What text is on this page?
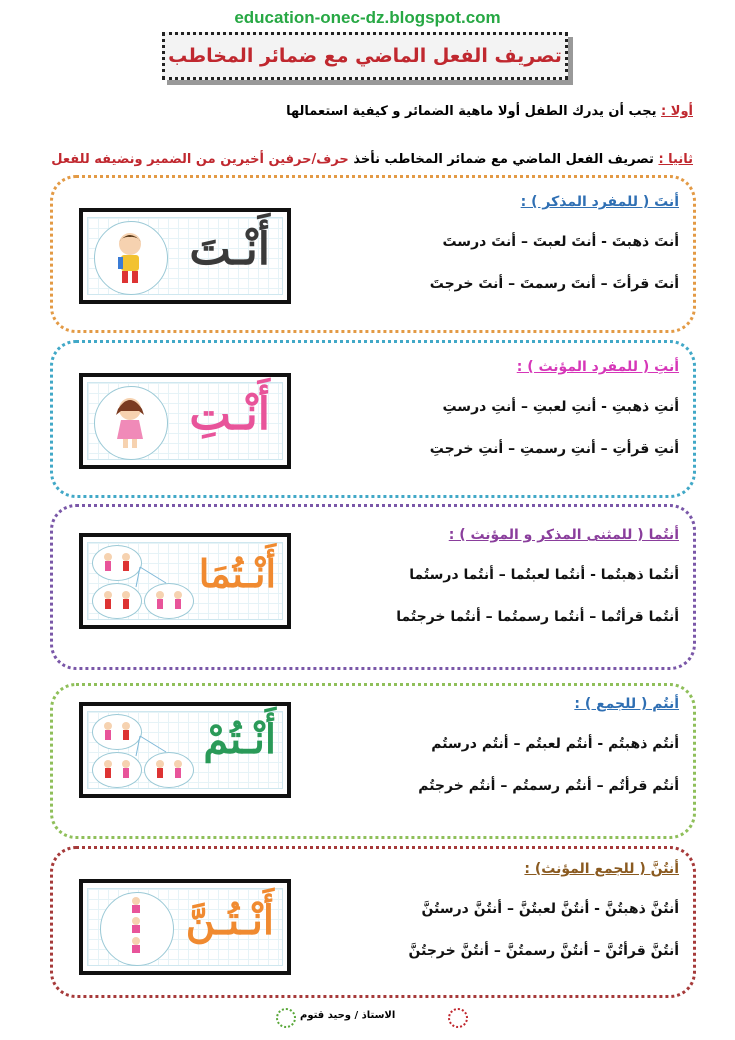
education-onec-dz.blogspot.com
تصريف الفعل الماضي مع ضمائر المخاطب
أولا : يجب أن يدرك الطفل أولا ماهية الضمائر و كيفية استعمالها
ثانيا : تصريف الفعل الماضي مع ضمائر المخاطب نأخذ حرف/حرفين أخيرين من الضمير ونضيفه للفعل
أَنْـتَ
أنتَ ( للمفرد المذكر ) :
أنتَ ذهبتَ - أنتَ لعبتَ – أنتَ درستَ
أنتَ قرأتَ – أنتَ رسمتَ – أنتَ خرجتَ
أَنْـتِ
أنتِ ( للمفرد المؤنث ) :
أنتِ ذهبتِ - أنتِ لعبتِ – أنتِ درستِ
أنتِ قرأتِ – أنتِ رسمتِ – أنتِ خرجتِ
أَنْـتُمَا
أنتُما ( للمثنى المذكر و المؤنث ) :
أنتُما ذهبتُما - أنتُما لعبتُما – أنتُما درستُما
أنتُما قرأتُما – أنتُما رسمتُما – أنتُما خرجتُما
أَنْـتُمْ
أنتُم ( للجمع ) :
أنتُم ذهبتُم - أنتُم لعبتُم – أنتُم درستُم
أنتُم قرأتُم – أنتُم رسمتُم – أنتُم خرجتُم
أَنْـتُـنَّ
أنتُنَّ ( للجمع المؤنث) :
أنتُنَّ ذهبتُنَّ - أنتُنَّ لعبتُنَّ – أنتُنَّ درستُنَّ
أنتُنَّ قرأتُنَّ – أنتُنَّ رسمتُنَّ – أنتُنَّ خرجتُنَّ
الاستاذ / وحيد قتوم
